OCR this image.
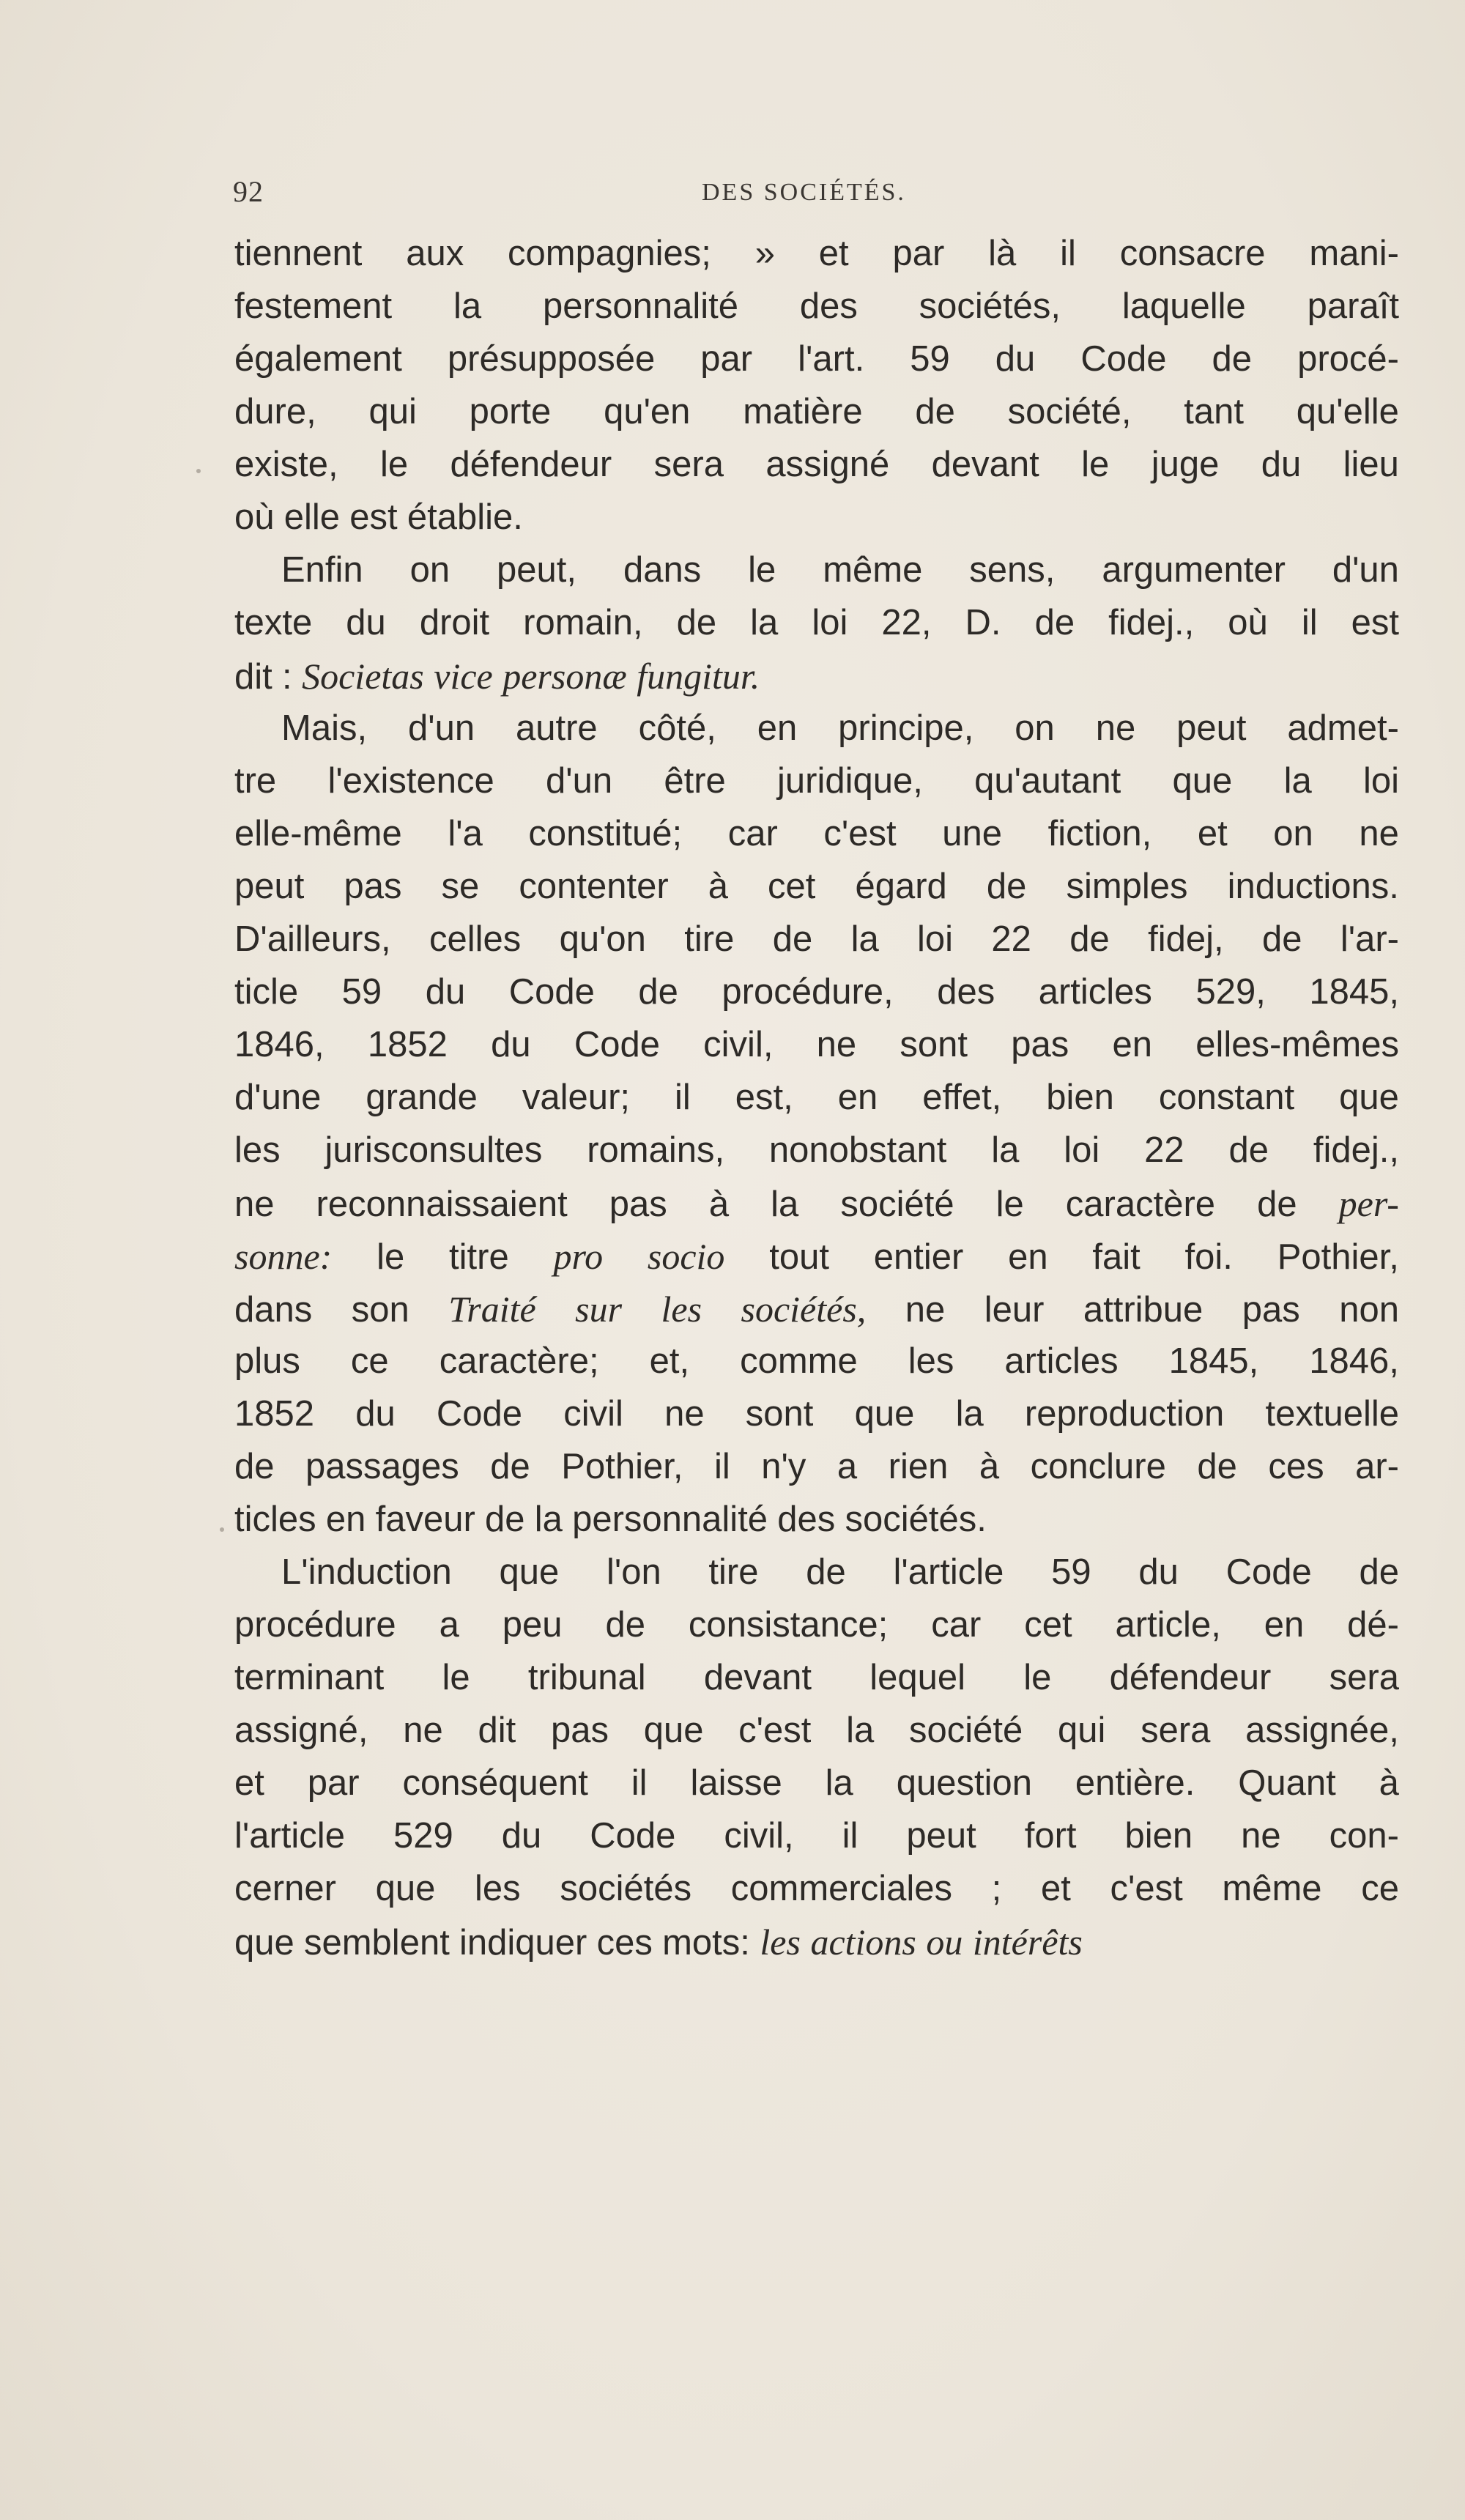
92	DES SOCIÉTÉS.
tiennent aux compagnies; » et par là il consacre mani-
festement la personnalité des sociétés, laquelle paraît
également présupposée par l'art. 59 du Code de procé-
dure, qui porte qu'en matière de société, tant qu'elle
existe, le défendeur sera assigné devant le juge du lieu
où elle est établie.
Enfin on peut, dans le même sens, argumenter d'un
texte du droit romain, de la loi 22, D. de fidej., où il est
dit : Societas vice personæ fungitur.
Mais, d'un autre côté, en principe, on ne peut admet-
tre l'existence d'un être juridique, qu'autant que la loi
elle-même l'a constitué; car c'est une fiction, et on ne
peut pas se contenter à cet égard de simples inductions.
D'ailleurs, celles qu'on tire de la loi 22 de fidej, de l'ar-
ticle 59 du Code de procédure, des articles 529, 1845,
1846, 1852 du Code civil, ne sont pas en elles-mêmes
d'une grande valeur; il est, en effet, bien constant que
les jurisconsultes romains, nonobstant la loi 22 de fidej.,
ne reconnaissaient pas à la société le caractère de per-
sonne: le titre pro socio tout entier en fait foi. Pothier,
dans son Traité sur les sociétés, ne leur attribue pas non
plus ce caractère; et, comme les articles 1845, 1846,
1852 du Code civil ne sont que la reproduction textuelle
de passages de Pothier, il n'y a rien à conclure de ces ar-
ticles en faveur de la personnalité des sociétés.
L'induction que l'on tire de l'article 59 du Code de
procédure a peu de consistance; car cet article, en dé-
terminant le tribunal devant lequel le défendeur sera
assigné, ne dit pas que c'est la société qui sera assignée,
et par conséquent il laisse la question entière. Quant à
l'article 529 du Code civil, il peut fort bien ne con-
cerner que les sociétés commerciales ; et c'est même ce
que semblent indiquer ces mots: les actions ou intérêts
